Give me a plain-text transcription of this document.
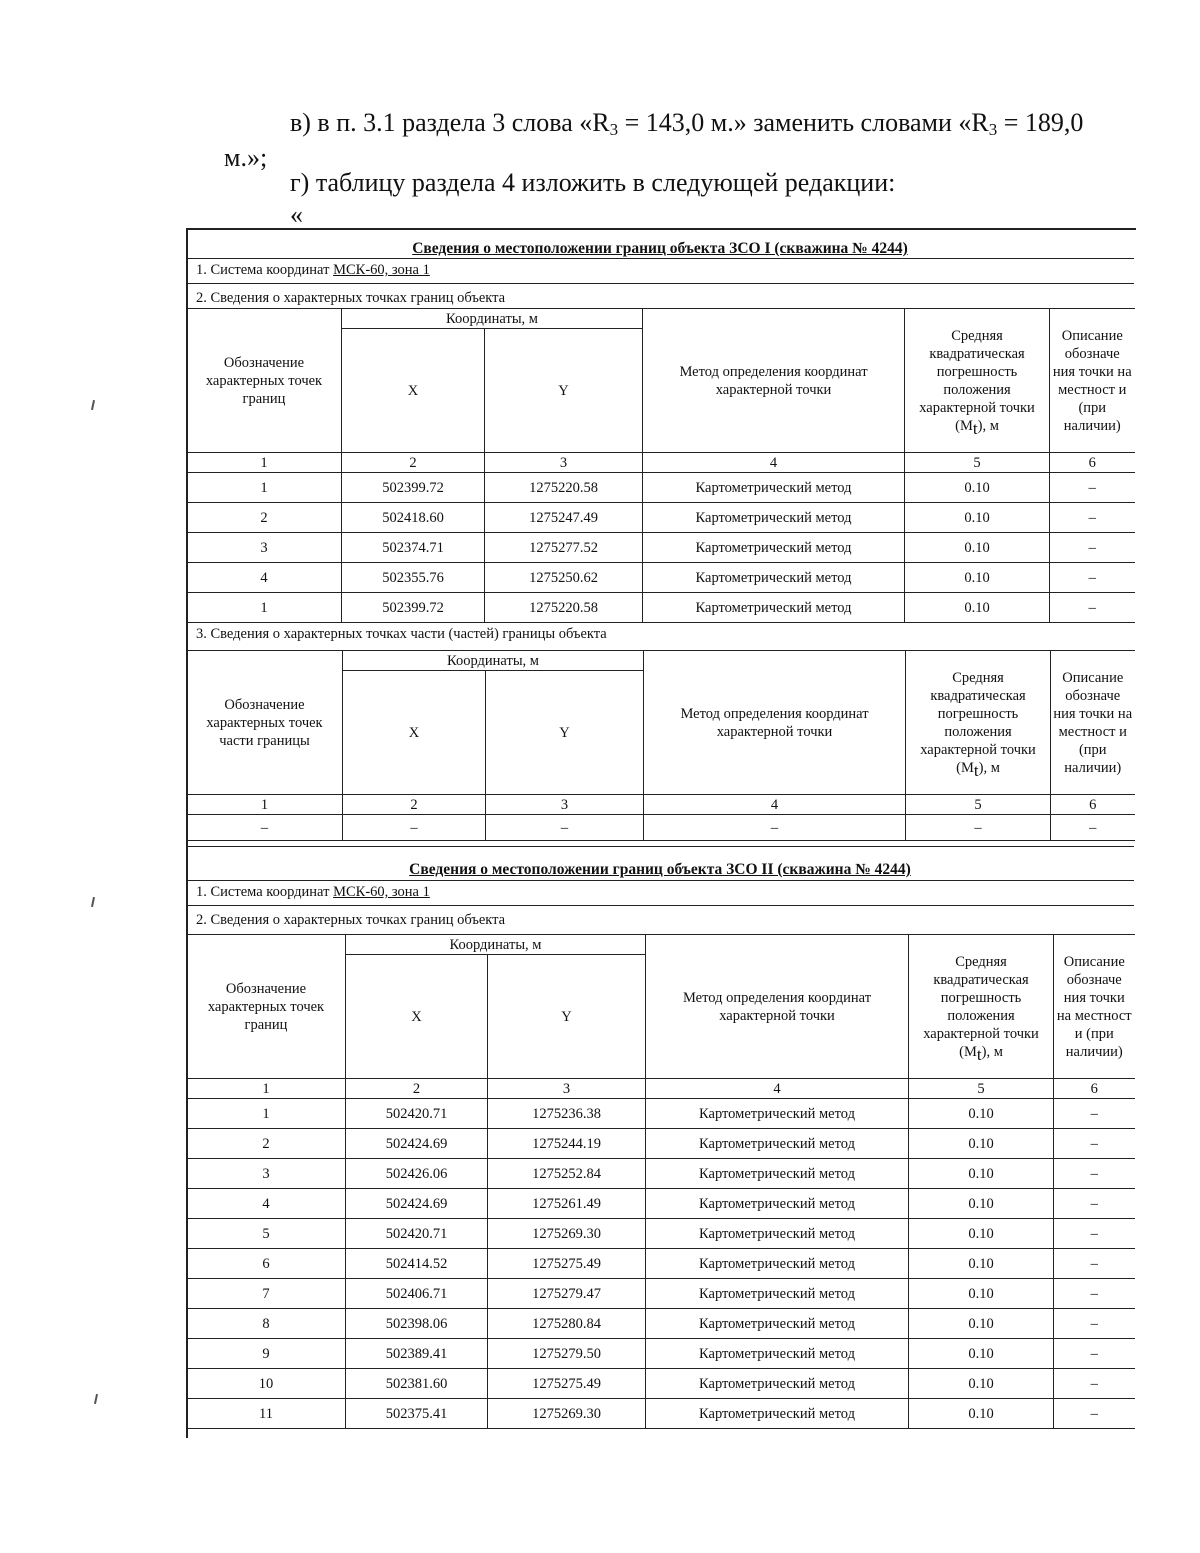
в) в п. 3.1 раздела 3 слова «$R_3 = 143,0$ м.» заменить словами «$R_3 = 189,0$
м.»;
г) таблицу раздела 4 изложить в следующей редакции:
«
Сведения о местоположении границ объекта ЗСО I (скважина № 4244)
1. Система координат МСК-60, зона 1
2. Сведения о характерных точках границ объекта
Обозначение характерных точек границ	Координаты, м		Метод определения координат характерной точки	Средняя квадратическая погрешность положения характерной точки $(M_t)$, м	Описание обозначе ния точки на местност и (при наличии)
	X	Y			
1	2	3	4	5	6
1	502399.72	1275220.58	Картометрический метод	0.10	–
2	502418.60	1275247.49	Картометрический метод	0.10	–
3	502374.71	1275277.52	Картометрический метод	0.10	–
4	502355.76	1275250.62	Картометрический метод	0.10	–
1	502399.72	1275220.58	Картометрический метод	0.10	–
3. Сведения о характерных точках части (частей) границы объекта
Обозначение характерных точек части границы	Координаты, м		Метод определения координат характерной точки	Средняя квадратическая погрешность положения характерной точки $(M_t)$, м	Описание обозначе ния точки на местност и (при наличии)
	X	Y			
1	2	3	4	5	6
–	–	–	–	–	–
Сведения о местоположении границ объекта ЗСО II (скважина № 4244)
1. Система координат МСК-60, зона 1
2. Сведения о характерных точках границ объекта
Обозначение характерных точек границ	Координаты, м		Метод определения координат характерной точки	Средняя квадратическая погрешность положения характерной точки $(M_t)$, м	Описание обозначе ния точки на местност и (при наличии)
	X	Y			
1	2	3	4	5	6
1	502420.71	1275236.38	Картометрический метод	0.10	–
2	502424.69	1275244.19	Картометрический метод	0.10	–
3	502426.06	1275252.84	Картометрический метод	0.10	–
4	502424.69	1275261.49	Картометрический метод	0.10	–
5	502420.71	1275269.30	Картометрический метод	0.10	–
6	502414.52	1275275.49	Картометрический метод	0.10	–
7	502406.71	1275279.47	Картометрический метод	0.10	–
8	502398.06	1275280.84	Картометрический метод	0.10	–
9	502389.41	1275279.50	Картометрический метод	0.10	–
10	502381.60	1275275.49	Картометрический метод	0.10	–
11	502375.41	1275269.30	Картометрический метод	0.10	–
